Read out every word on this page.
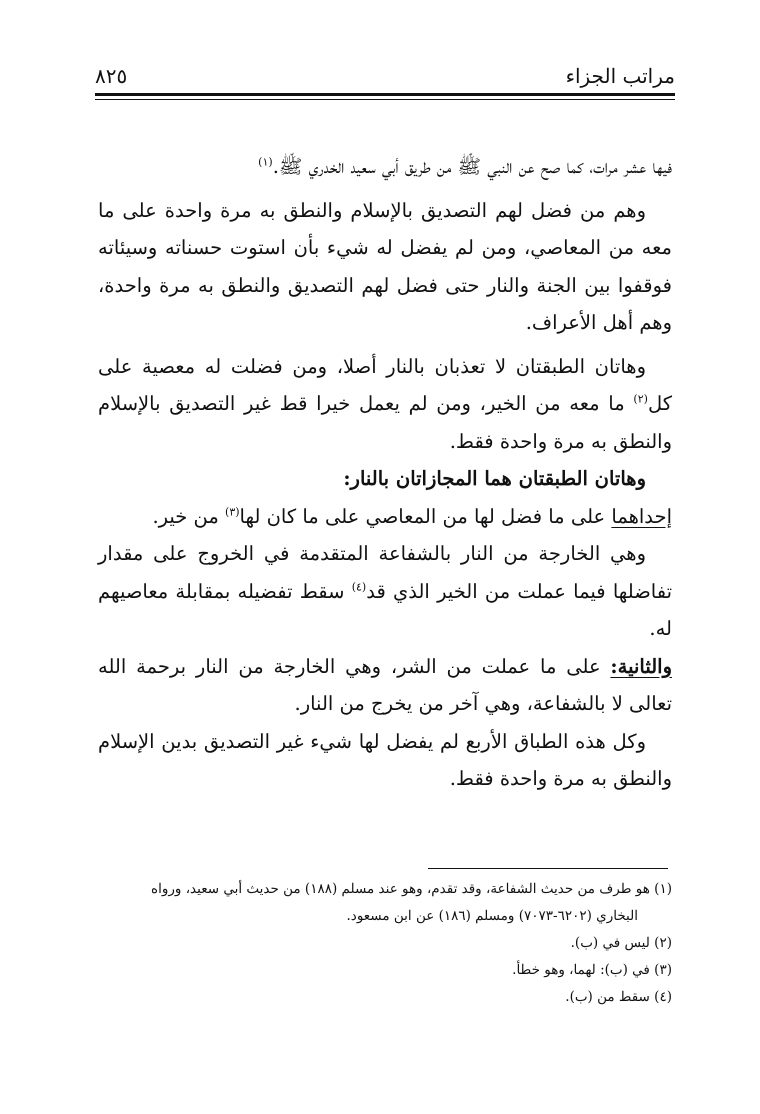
مراتب الجزاء
٨٢٥

فيها عشر مرات، كما صح عن النبي ﷺ من طريق أبي سعيد الخدري ﷺ.$^{(١)}$

وهم من فضل لهم التصديق بالإسلام والنطق به مرة واحدة على ما معه من المعاصي، ومن لم يفضل له شيء بأن استوت حسناته وسيئاته فوقفوا بين الجنة والنار حتى فضل لهم التصديق والنطق به مرة واحدة، وهم أهل الأعراف.

وهاتان الطبقتان لا تعذبان بالنار أصلا، ومن فضلت له معصية على كل$^{(٢)}$ ما معه من الخير، ومن لم يعمل خيرا قط غير التصديق بالإسلام والنطق به مرة واحدة فقط.

وهاتان الطبقتان هما المجازاتان بالنار:

إحداهما على ما فضل لها من المعاصي على ما كان لها$^{(٣)}$ من خير.

وهي الخارجة من النار بالشفاعة المتقدمة في الخروج على مقدار تفاضلها فيما عملت من الخير الذي قد$^{(٤)}$ سقط تفضيله بمقابلة معاصيهم له.

والثانية: على ما عملت من الشر، وهي الخارجة من النار برحمة الله تعالى لا بالشفاعة، وهي آخر من يخرج من النار.

وكل هذه الطباق الأربع لم يفضل لها شيء غير التصديق بدين الإسلام والنطق به مرة واحدة فقط.

(١) هو طرف من حديث الشفاعة، وقد تقدم، وهو عند مسلم (١٨٨) من حديث أبي سعيد، ورواه

البخاري (٦٢٠٢-٧٠٧٣) ومسلم (١٨٦) عن ابن مسعود.

(٢) ليس في (ب).

(٣) في (ب): لهما، وهو خطأ.

(٤) سقط من (ب).
